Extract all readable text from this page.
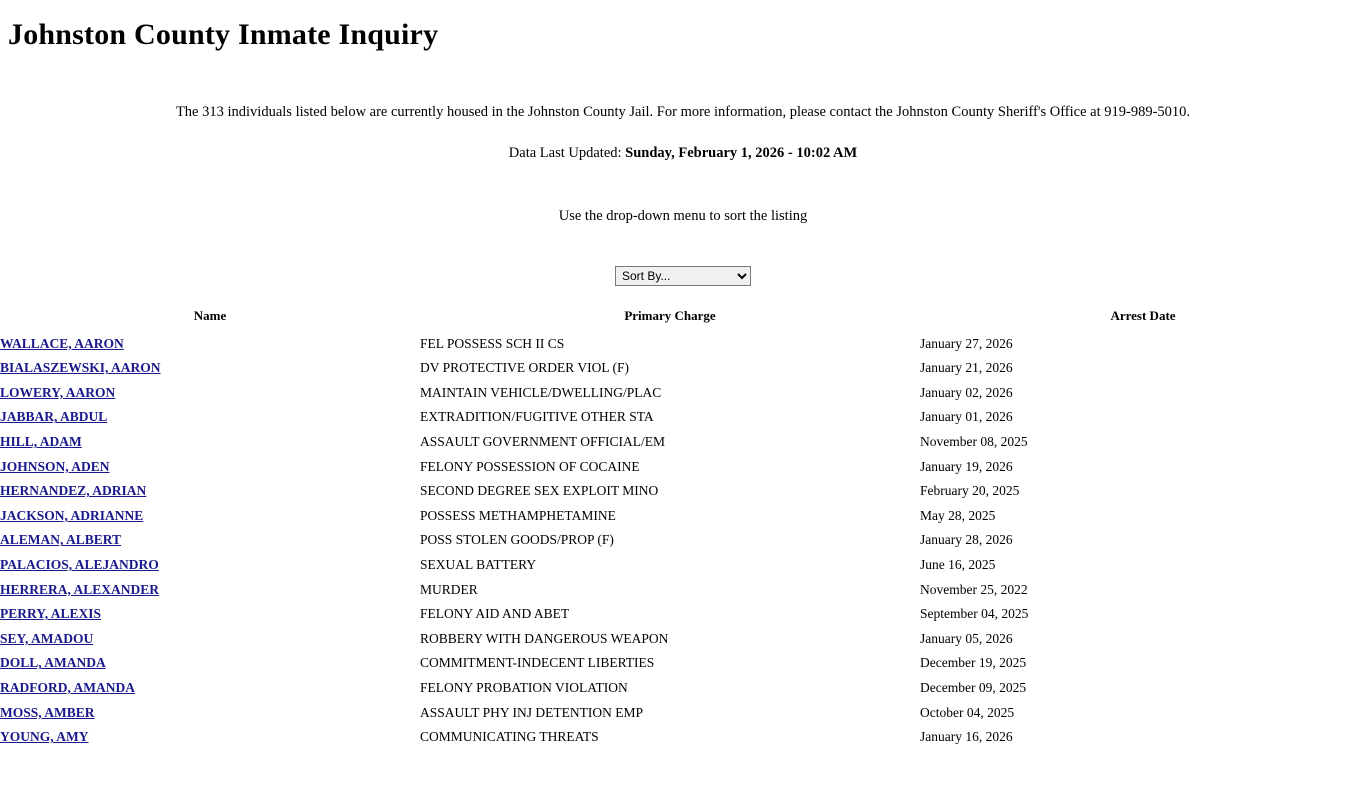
Johnston County Inmate Inquiry
The 313 individuals listed below are currently housed in the Johnston County Jail. For more information, please contact the Johnston County Sheriff's Office at 919-989-5010.
Data Last Updated: Sunday, February 1, 2026 - 10:02 AM
Use the drop-down menu to sort the listing
Sort By...
Name	Primary Charge	Arrest Date
WALLACE, AARON	FEL POSSESS SCH II CS	January 27, 2026
BIALASZEWSKI, AARON	DV PROTECTIVE ORDER VIOL (F)	January 21, 2026
LOWERY, AARON	MAINTAIN VEHICLE/DWELLING/PLAC	January 02, 2026
JABBAR, ABDUL	EXTRADITION/FUGITIVE OTHER STA	January 01, 2026
HILL, ADAM	ASSAULT GOVERNMENT OFFICIAL/EM	November 08, 2025
JOHNSON, ADEN	FELONY POSSESSION OF COCAINE	January 19, 2026
HERNANDEZ, ADRIAN	SECOND DEGREE SEX EXPLOIT MINO	February 20, 2025
JACKSON, ADRIANNE	POSSESS METHAMPHETAMINE	May 28, 2025
ALEMAN, ALBERT	POSS STOLEN GOODS/PROP (F)	January 28, 2026
PALACIOS, ALEJANDRO	SEXUAL BATTERY	June 16, 2025
HERRERA, ALEXANDER	MURDER	November 25, 2022
PERRY, ALEXIS	FELONY AID AND ABET	September 04, 2025
SEY, AMADOU	ROBBERY WITH DANGEROUS WEAPON	January 05, 2026
DOLL, AMANDA	COMMITMENT-INDECENT LIBERTIES	December 19, 2025
RADFORD, AMANDA	FELONY PROBATION VIOLATION	December 09, 2025
MOSS, AMBER	ASSAULT PHY INJ DETENTION EMP	October 04, 2025
YOUNG, AMY	COMMUNICATING THREATS	January 16, 2026
